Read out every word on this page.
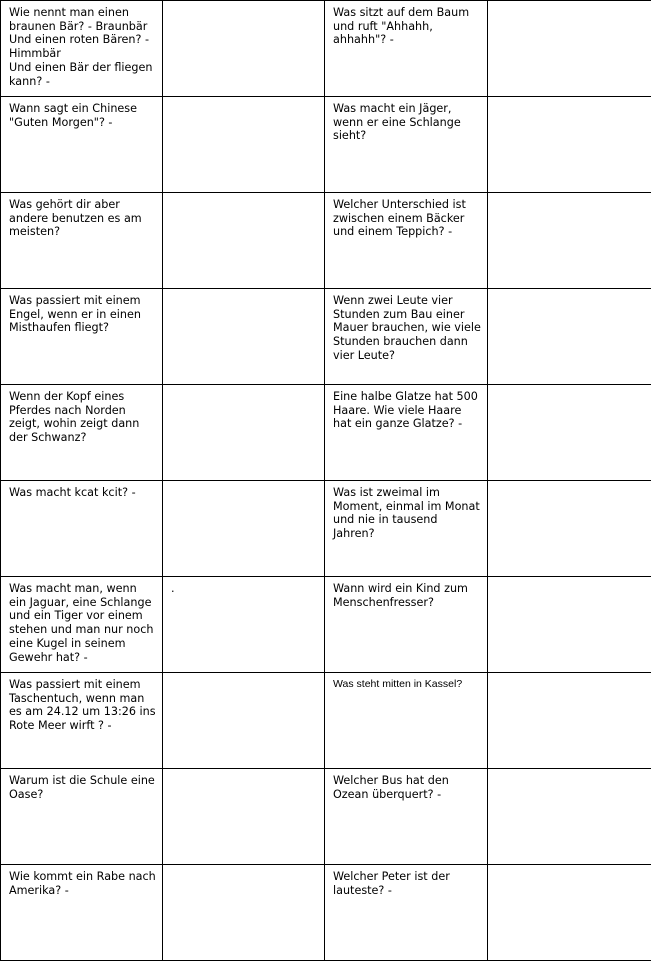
Wie nennt man einen braunen Bär? - Braunbär
Und einen roten Bären? - Himmbär
Und einen Bär der fliegen kann? -		Was sitzt auf dem Baum und ruft "Ahhahh, ahhahh"? -	
Wann sagt ein Chinese "Guten Morgen"? -		Was macht ein Jäger, wenn er eine Schlange sieht?	
Was gehört dir aber andere benutzen es am meisten?		Welcher Unterschied ist zwischen einem Bäcker und einem Teppich? -	
Was passiert mit einem Engel, wenn er in einen Misthaufen fliegt?		Wenn zwei Leute vier Stunden zum Bau einer Mauer brauchen, wie viele Stunden brauchen dann vier Leute?	
Wenn der Kopf eines Pferdes nach Norden zeigt, wohin zeigt dann der Schwanz?		Eine halbe Glatze hat 500 Haare. Wie viele Haare hat ein ganze Glatze? -	
Was macht kcat kcit? -		Was ist zweimal im Moment, einmal im Monat und nie in tausend Jahren?	
Was macht man, wenn ein Jaguar, eine Schlange und ein Tiger vor einem stehen und man nur noch eine Kugel in seinem Gewehr hat? -	.	Wann wird ein Kind zum Menschenfresser?	
Was passiert mit einem Taschentuch, wenn man es am 24.12 um 13:26 ins Rote Meer wirft ? -		Was steht mitten in Kassel?	
Warum ist die Schule eine Oase?		Welcher Bus hat den Ozean überquert? -	
Wie kommt ein Rabe nach Amerika? -		Welcher Peter ist der lauteste? -	
